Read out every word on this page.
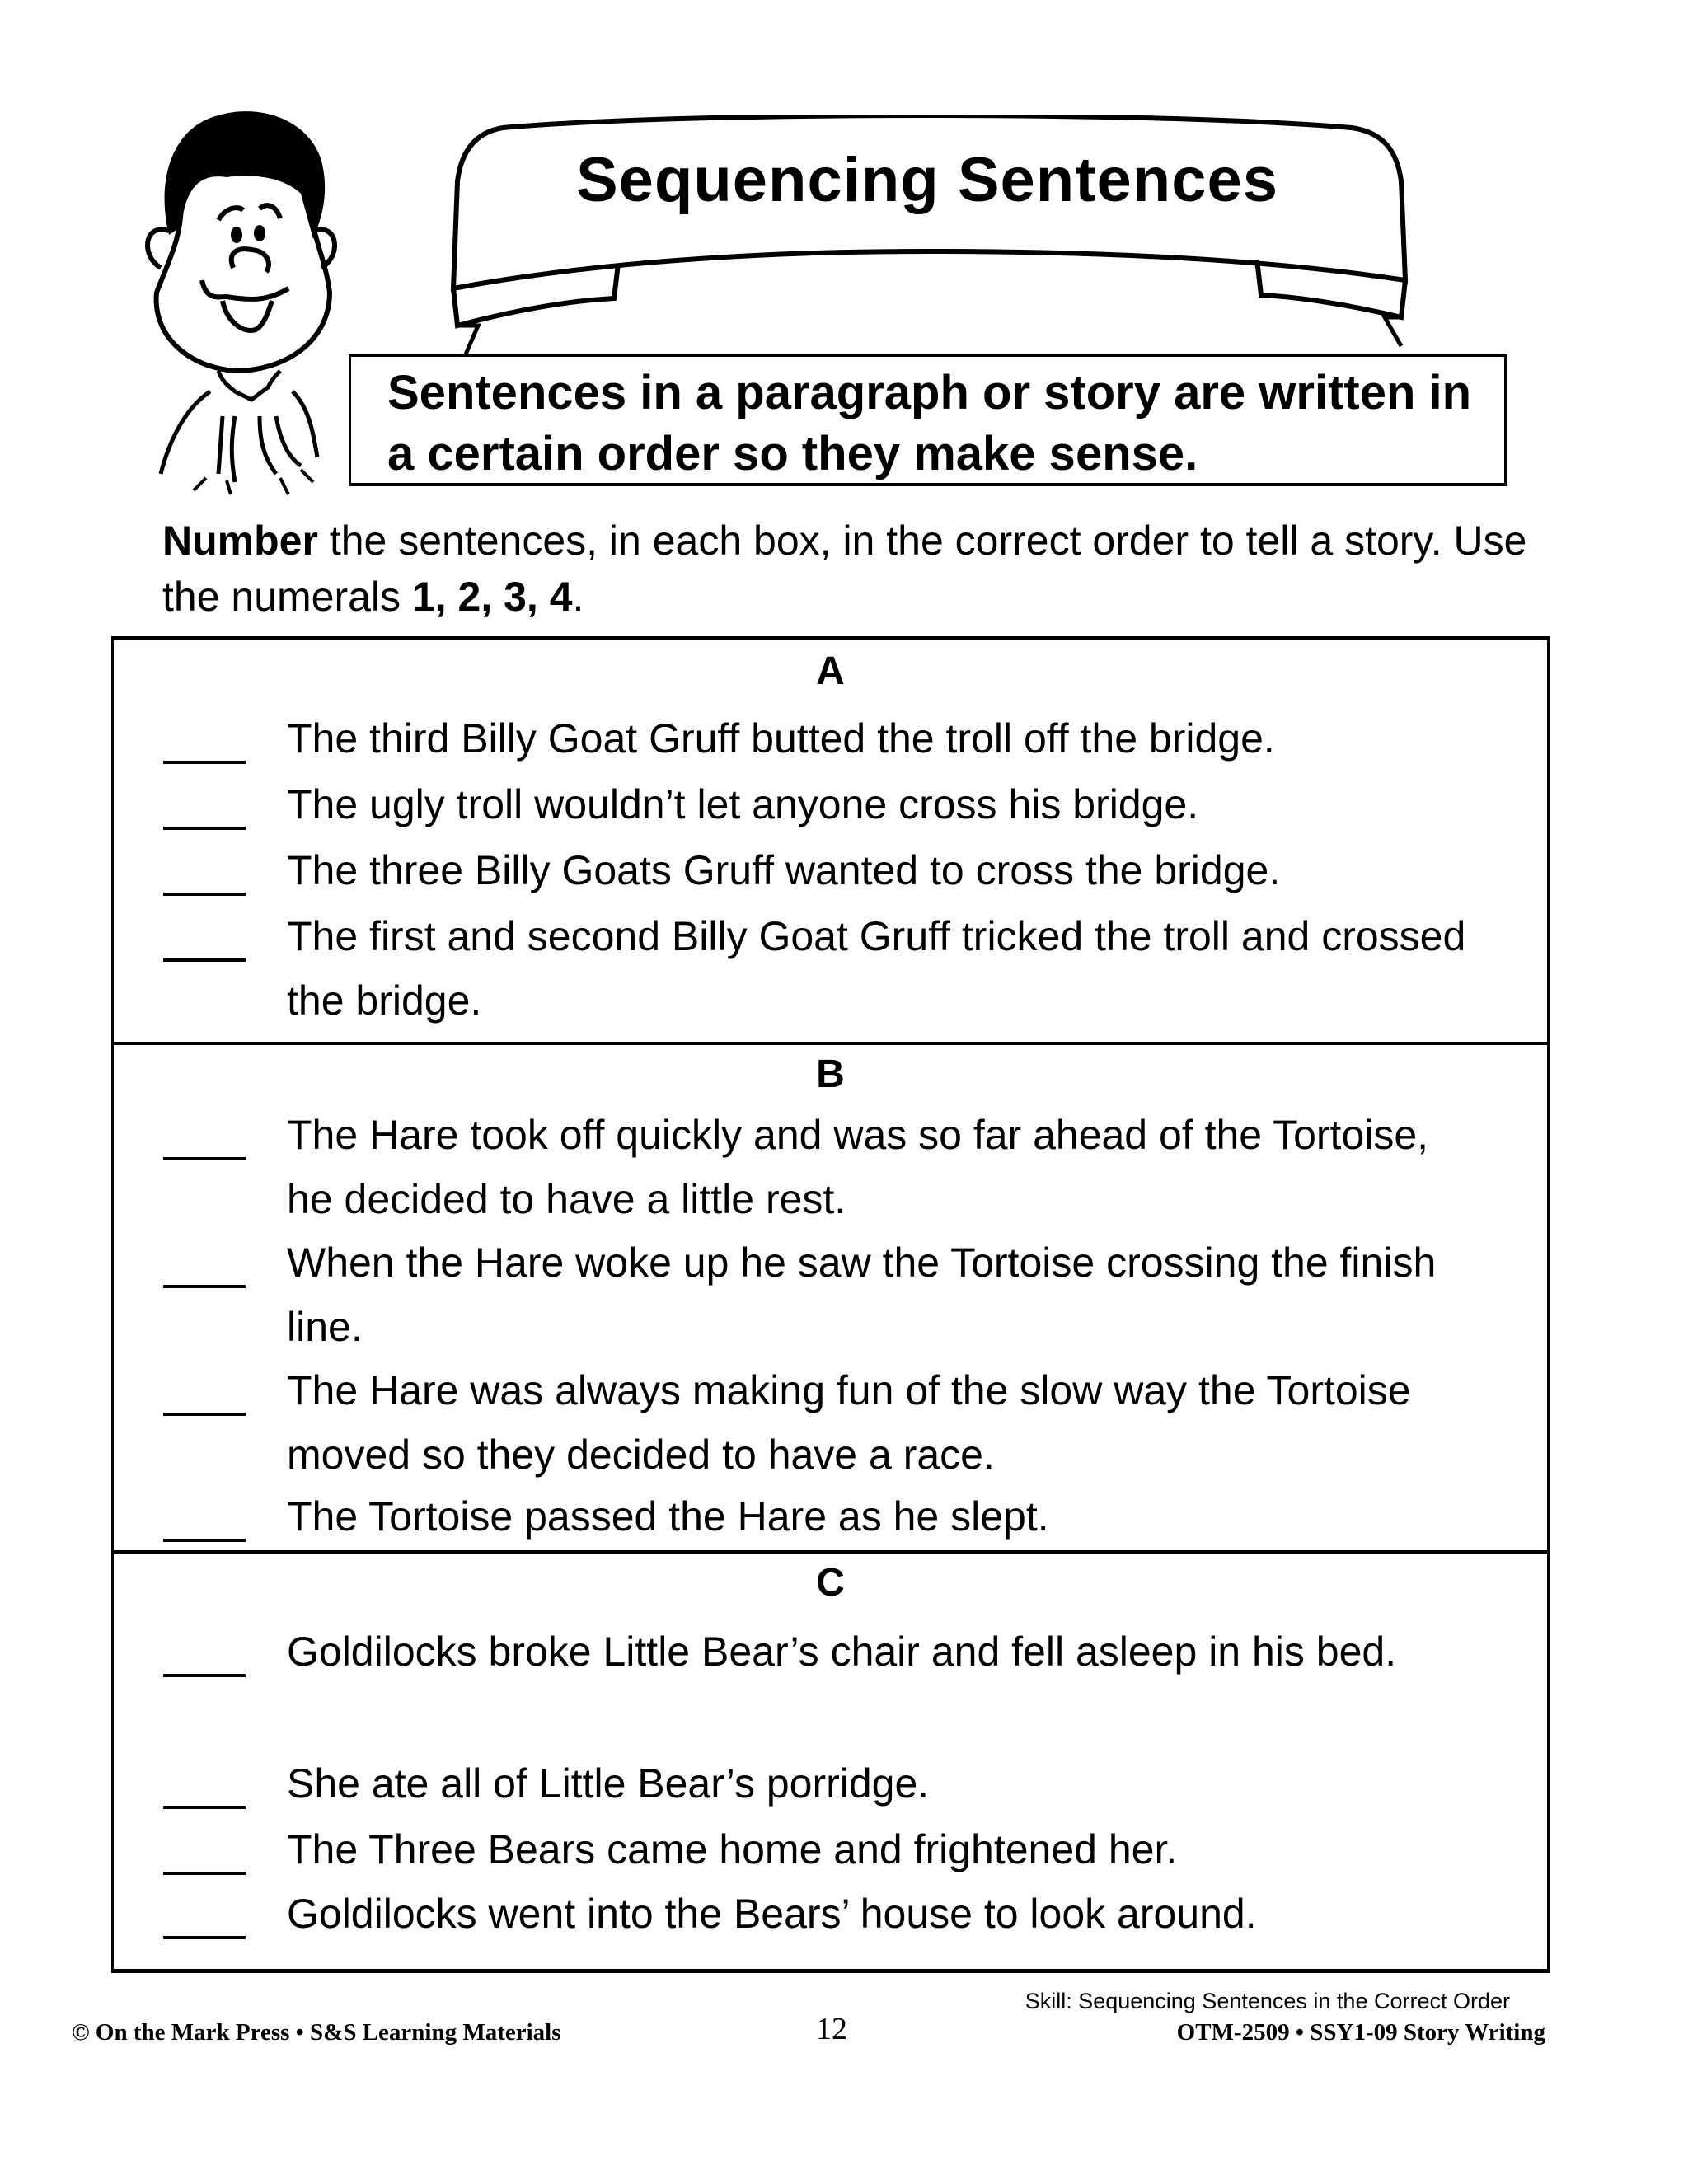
Sequencing Sentences
Sentences in a paragraph or story are written in a certain order so they make sense.
Number the sentences, in each box, in the correct order to tell a story. Use the numerals 1, 2, 3, 4.
A
The third Billy Goat Gruff butted the troll off the bridge.
The ugly troll wouldn’t let anyone cross his bridge.
The three Billy Goats Gruff wanted to cross the bridge.
The first and second Billy Goat Gruff tricked the troll and crossed the bridge.
B
The Hare took off quickly and was so far ahead of the Tortoise, he decided to have a little rest.
When the Hare woke up he saw the Tortoise crossing the finish line.
The Hare was always making fun of the slow way the Tortoise moved so they decided to have a race.
The Tortoise passed the Hare as he slept.
C
Goldilocks broke Little Bear’s chair and fell asleep in his bed.
She ate all of Little Bear’s porridge.
The Three Bears came home and frightened her.
Goldilocks went into the Bears’ house to look around.
Skill: Sequencing Sentences in the Correct Order
© On the Mark Press • S&S Learning Materials	12	OTM-2509 • SSY1-09 Story Writing
